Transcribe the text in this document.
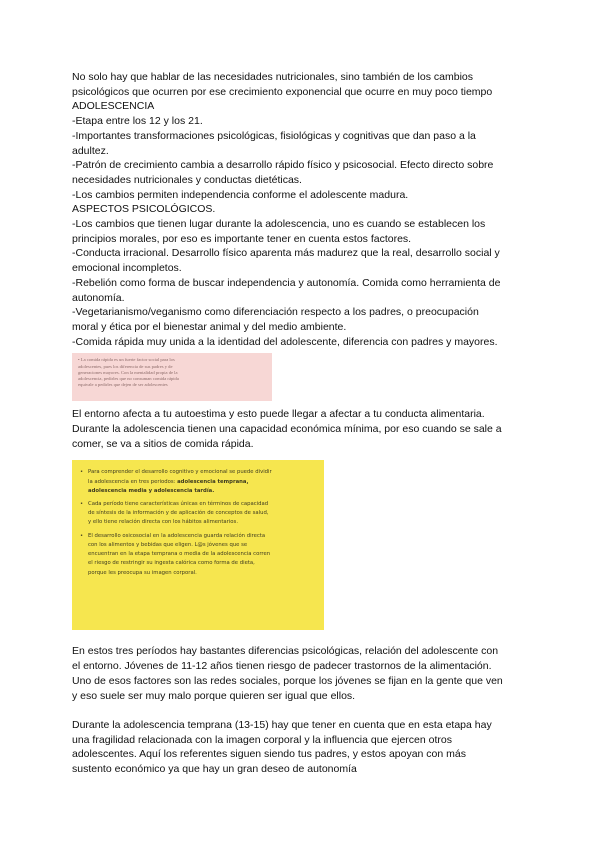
No solo hay que hablar de las necesidades nutricionales, sino también de los cambios

psicológicos que ocurren por ese crecimiento exponencial que ocurre en muy poco tiempo

ADOLESCENCIA

-Etapa entre los 12 y los 21.

-Importantes transformaciones psicológicas, fisiológicas y cognitivas que dan paso a la

adultez.

-Patrón de crecimiento cambia a desarrollo rápido físico y psicosocial. Efecto directo sobre

necesidades nutricionales y conductas dietéticas.

-Los cambios permiten independencia conforme el adolescente madura.

ASPECTOS PSICOLÓGICOS.

-Los cambios que tienen lugar durante la adolescencia, uno es cuando se establecen los

principios morales, por eso es importante tener en cuenta estos factores.

-Conducta irracional. Desarrollo físico aparenta más madurez que la real, desarrollo social y

emocional incompletos.

-Rebelión como forma de buscar independencia y autonomía. Comida como herramienta de

autonomía.

-Vegetarianismo/veganismo como diferenciación respecto a los padres, o preocupación

moral y ética por el bienestar animal y del medio ambiente.

-Comida rápida muy unida a la identidad del adolescente, diferencia con padres y mayores.

• La comida rápida es un fuerte factor social para los

adolescentes, pues los diferencia de sus padres y de

generaciones mayores. Con la mentalidad propia de la

adolescencia, pedirles que no consuman comida rápida

equivale a pedirles que dejen de ser adolescentes

El entorno afecta a tu autoestima y esto puede llegar a afectar a tu conducta alimentaria.

Durante la adolescencia tienen una capacidad económica mínima, por eso cuando se sale a

comer, se va a sitios de comida rápida.

• Para comprender el desarrollo cognitivo y emocional se puede dividir
la adolescencia en tres periodos: adolescencia temprana,
adolescencia media y adolescencia tardía.
• Cada período tiene características únicas en términos de capacidad
de síntesis de la información y de aplicación de conceptos de salud,
y ello tiene relación directa con los hábitos alimentarios.
• El desarrollo osicosocial en la adolescencia guarda relación directa
con los alimentos y bebidas que eligen. L@s jóvenes que se
encuentran en la etapa temprana o media de la adolescencia corren
el riesgo de restringir su ingesta calórica como forma de dieta,
porque les preocupa su imagen corporal.

En estos tres períodos hay bastantes diferencias psicológicas, relación del adolescente con

el entorno. Jóvenes de 11-12 años tienen riesgo de padecer trastornos de la alimentación.

Uno de esos factores son las redes sociales, porque los jóvenes se fijan en la gente que ven

y eso suele ser muy malo porque quieren ser igual que ellos.

Durante la adolescencia temprana (13-15) hay que tener en cuenta que en esta etapa hay

una fragilidad relacionada con la imagen corporal y la influencia que ejercen otros

adolescentes. Aquí los referentes siguen siendo tus padres, y estos apoyan con más

sustento económico ya que hay un gran deseo de autonomía
